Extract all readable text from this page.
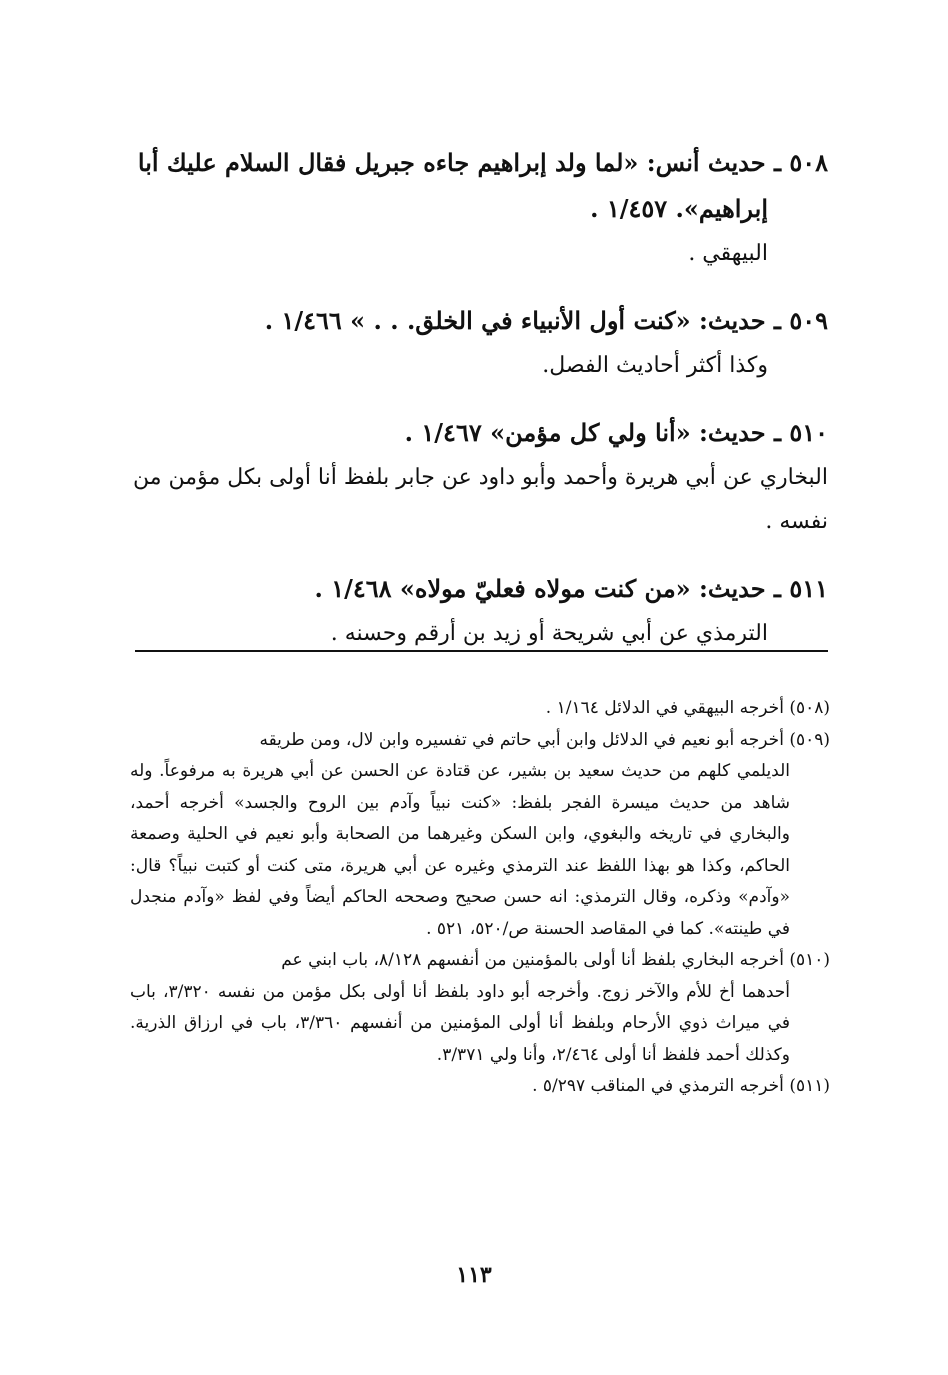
٥٠٨ ـ حديث أنس: «لما ولد إبراهيم جاءه جبريل فقال السلام عليك أبا
إبراهيم». ١/٤٥٧ .
البيهقي .
٥٠٩ ـ حديث: «كنت أول الأنبياء في الخلق. . . » ١/٤٦٦ .
وكذا أكثر أحاديث الفصل.
٥١٠ ـ حديث: «أنا ولي كل مؤمن» ١/٤٦٧ .
البخاري عن أبي هريرة وأحمد وأبو داود عن جابر بلفظ أنا أولى بكل مؤمن من نفسه .
٥١١ ـ حديث: «من كنت مولاه فعليّ مولاه» ١/٤٦٨ .
الترمذي عن أبي شريحة أو زيد بن أرقم وحسنه .
(٥٠٨) أخرجه البيهقي في الدلائل ١/١٦٤ .
(٥٠٩) أخرجه أبو نعيم في الدلائل وابن أبي حاتم في تفسيره وابن لال، ومن طريقه
الديلمي كلهم من حديث سعيد بن بشير، عن قتادة عن الحسن عن أبي هريرة به مرفوعاً. وله شاهد من حديث ميسرة الفجر بلفظ: «كنت نبياً وآدم بين الروح والجسد» أخرجه أحمد، والبخاري في تاريخه والبغوي، وابن السكن وغيرهما من الصحابة وأبو نعيم في الحلية وصمعة الحاكم، وكذا هو بهذا اللفظ عند الترمذي وغيره عن أبي هريرة، متى كنت أو كتبت نبياً؟ قال: «وآدم» وذكره، وقال الترمذي: انه حسن صحيح وصححه الحاكم أيضاً وفي لفظ «وآدم منجدل في طينته». كما في المقاصد الحسنة ص/٥٢٠، ٥٢١ .
(٥١٠) أخرجه البخاري بلفظ أنا أولى بالمؤمنين من أنفسهم ٨/١٢٨، باب ابني عم
أحدهما أخ للأم والآخر زوج. وأخرجه أبو داود بلفظ أنا أولى بكل مؤمن من نفسه ٣/٣٢٠، باب في ميراث ذوي الأرحام وبلفظ أنا أولى المؤمنين من أنفسهم ٣/٣٦٠، باب في ارزاق الذرية. وكذلك أحمد فلفظ أنا أولى ٢/٤٦٤، وأنا ولي ٣/٣٧١.
(٥١١) أخرجه الترمذي في المناقب ٥/٢٩٧ .
١١٣
